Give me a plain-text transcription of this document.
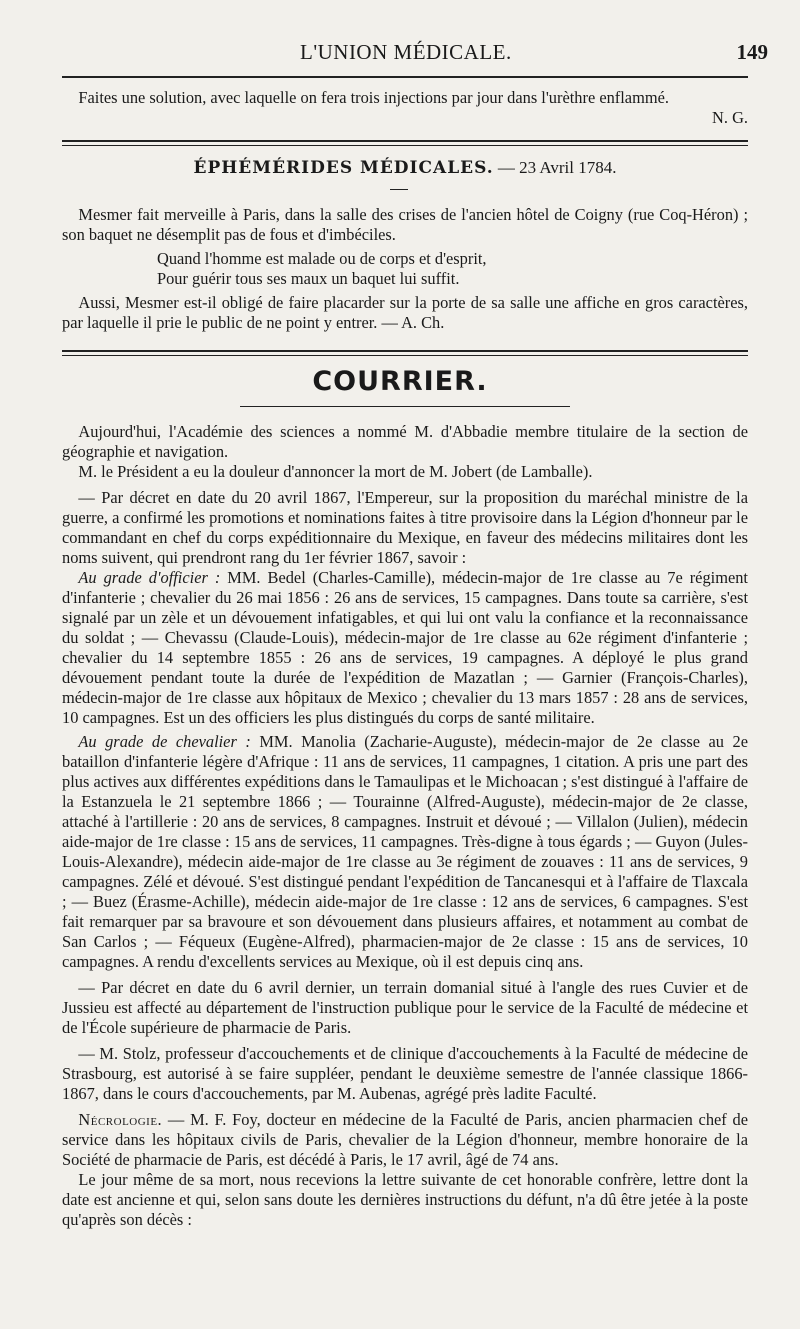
L'UNION MÉDICALE.	149

Faites une solution, avec laquelle on fera trois injections par jour dans l'urèthre enflammé.

N. G.

ÉPHÉMÉRIDES MÉDICALES. — 23 Avril 1784.

Mesmer fait merveille à Paris, dans la salle des crises de l'ancien hôtel de Coigny (rue Coq-Héron) ; son baquet ne désemplit pas de fous et d'imbéciles.

Quand l'homme est malade ou de corps et d'esprit,

Pour guérir tous ses maux un baquet lui suffit.

Aussi, Mesmer est-il obligé de faire placarder sur la porte de sa salle une affiche en gros caractères, par laquelle il prie le public de ne point y entrer. — A. Ch.

COURRIER.

Aujourd'hui, l'Académie des sciences a nommé M. d'Abbadie membre titulaire de la section de géographie et navigation.

M. le Président a eu la douleur d'annoncer la mort de M. Jobert (de Lamballe).

— Par décret en date du 20 avril 1867, l'Empereur, sur la proposition du maréchal ministre de la guerre, a confirmé les promotions et nominations faites à titre provisoire dans la Légion d'honneur par le commandant en chef du corps expéditionnaire du Mexique, en faveur des médecins militaires dont les noms suivent, qui prendront rang du 1er février 1867, savoir :

Au grade d'officier : MM. Bedel (Charles-Camille), médecin-major de 1re classe au 7e régiment d'infanterie ; chevalier du 26 mai 1856 : 26 ans de services, 15 campagnes. Dans toute sa carrière, s'est signalé par un zèle et un dévouement infatigables, et qui lui ont valu la confiance et la reconnaissance du soldat ; — Chevassu (Claude-Louis), médecin-major de 1re classe au 62e régiment d'infanterie ; chevalier du 14 septembre 1855 : 26 ans de services, 19 campagnes. A déployé le plus grand dévouement pendant toute la durée de l'expédition de Mazatlan ; — Garnier (François-Charles), médecin-major de 1re classe aux hôpitaux de Mexico ; chevalier du 13 mars 1857 : 28 ans de services, 10 campagnes. Est un des officiers les plus distingués du corps de santé militaire.

Au grade de chevalier : MM. Manolia (Zacharie-Auguste), médecin-major de 2e classe au 2e bataillon d'infanterie légère d'Afrique : 11 ans de services, 11 campagnes, 1 citation. A pris une part des plus actives aux différentes expéditions dans le Tamaulipas et le Michoacan ; s'est distingué à l'affaire de la Estanzuela le 21 septembre 1866 ; — Tourainne (Alfred-Auguste), médecin-major de 2e classe, attaché à l'artillerie : 20 ans de services, 8 campagnes. Instruit et dévoué ; — Villalon (Julien), médecin aide-major de 1re classe : 15 ans de services, 11 campagnes. Très-digne à tous égards ; — Guyon (Jules-Louis-Alexandre), médecin aide-major de 1re classe au 3e régiment de zouaves : 11 ans de services, 9 campagnes. Zélé et dévoué. S'est distingué pendant l'expédition de Tancanesqui et à l'affaire de Tlaxcala ; — Buez (Érasme-Achille), médecin aide-major de 1re classe : 12 ans de services, 6 campagnes. S'est fait remarquer par sa bravoure et son dévouement dans plusieurs affaires, et notamment au combat de San Carlos ; — Féqueux (Eugène-Alfred), pharmacien-major de 2e classe : 15 ans de services, 10 campagnes. A rendu d'excellents services au Mexique, où il est depuis cinq ans.

— Par décret en date du 6 avril dernier, un terrain domanial situé à l'angle des rues Cuvier et de Jussieu est affecté au département de l'instruction publique pour le service de la Faculté de médecine et de l'École supérieure de pharmacie de Paris.

— M. Stolz, professeur d'accouchements et de clinique d'accouchements à la Faculté de médecine de Strasbourg, est autorisé à se faire suppléer, pendant le deuxième semestre de l'année classique 1866-1867, dans le cours d'accouchements, par M. Aubenas, agrégé près ladite Faculté.

Nécrologie. — M. F. Foy, docteur en médecine de la Faculté de Paris, ancien pharmacien chef de service dans les hôpitaux civils de Paris, chevalier de la Légion d'honneur, membre honoraire de la Société de pharmacie de Paris, est décédé à Paris, le 17 avril, âgé de 74 ans.

Le jour même de sa mort, nous recevions la lettre suivante de cet honorable confrère, lettre dont la date est ancienne et qui, selon sans doute les dernières instructions du défunt, n'a dû être jetée à la poste qu'après son décès :
